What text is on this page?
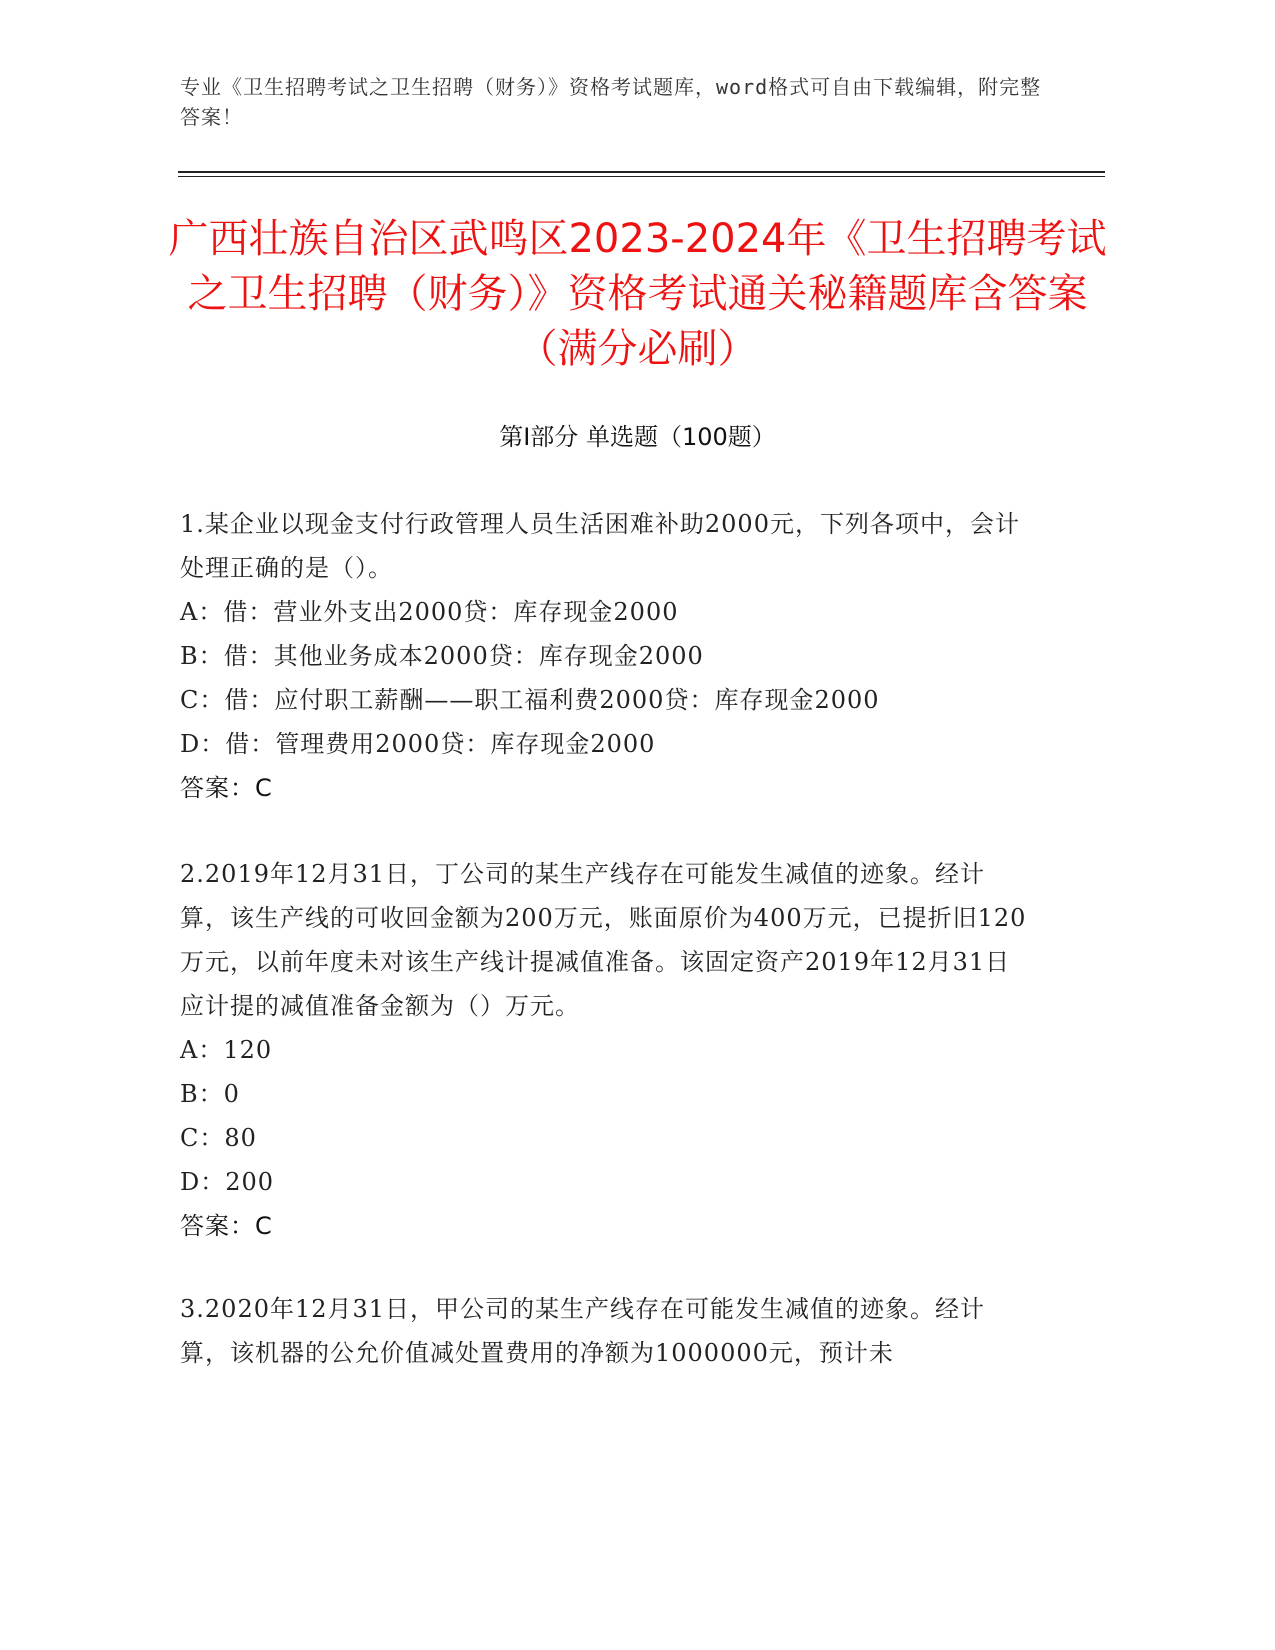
专业《卫生招聘考试之卫生招聘（财务）》资格考试题库，word格式可自由下载编辑，附完整答案！
广西壮族自治区武鸣区2023-2024年《卫生招聘考试之卫生招聘（财务）》资格考试通关秘籍题库含答案（满分必刷）
第Ⅰ部分 单选题（100题）

1.某企业以现金支付行政管理人员生活困难补助2000元，下列各项中，会计处理正确的是（）。

A：借：营业外支出2000贷：库存现金2000

B：借：其他业务成本2000贷：库存现金2000

C：借：应付职工薪酬——职工福利费2000贷：库存现金2000

D：借：管理费用2000贷：库存现金2000

答案：C

2.2019年12月31日，丁公司的某生产线存在可能发生减值的迹象。经计算，该生产线的可收回金额为200万元，账面原价为400万元，已提折旧120万元，以前年度未对该生产线计提减值准备。该固定资产2019年12月31日应计提的减值准备金额为（）万元。

A：120

B：0

C：80

D：200

答案：C

3.2020年12月31日，甲公司的某生产线存在可能发生减值的迹象。经计算，该机器的公允价值减处置费用的净额为1000000元，预计未
